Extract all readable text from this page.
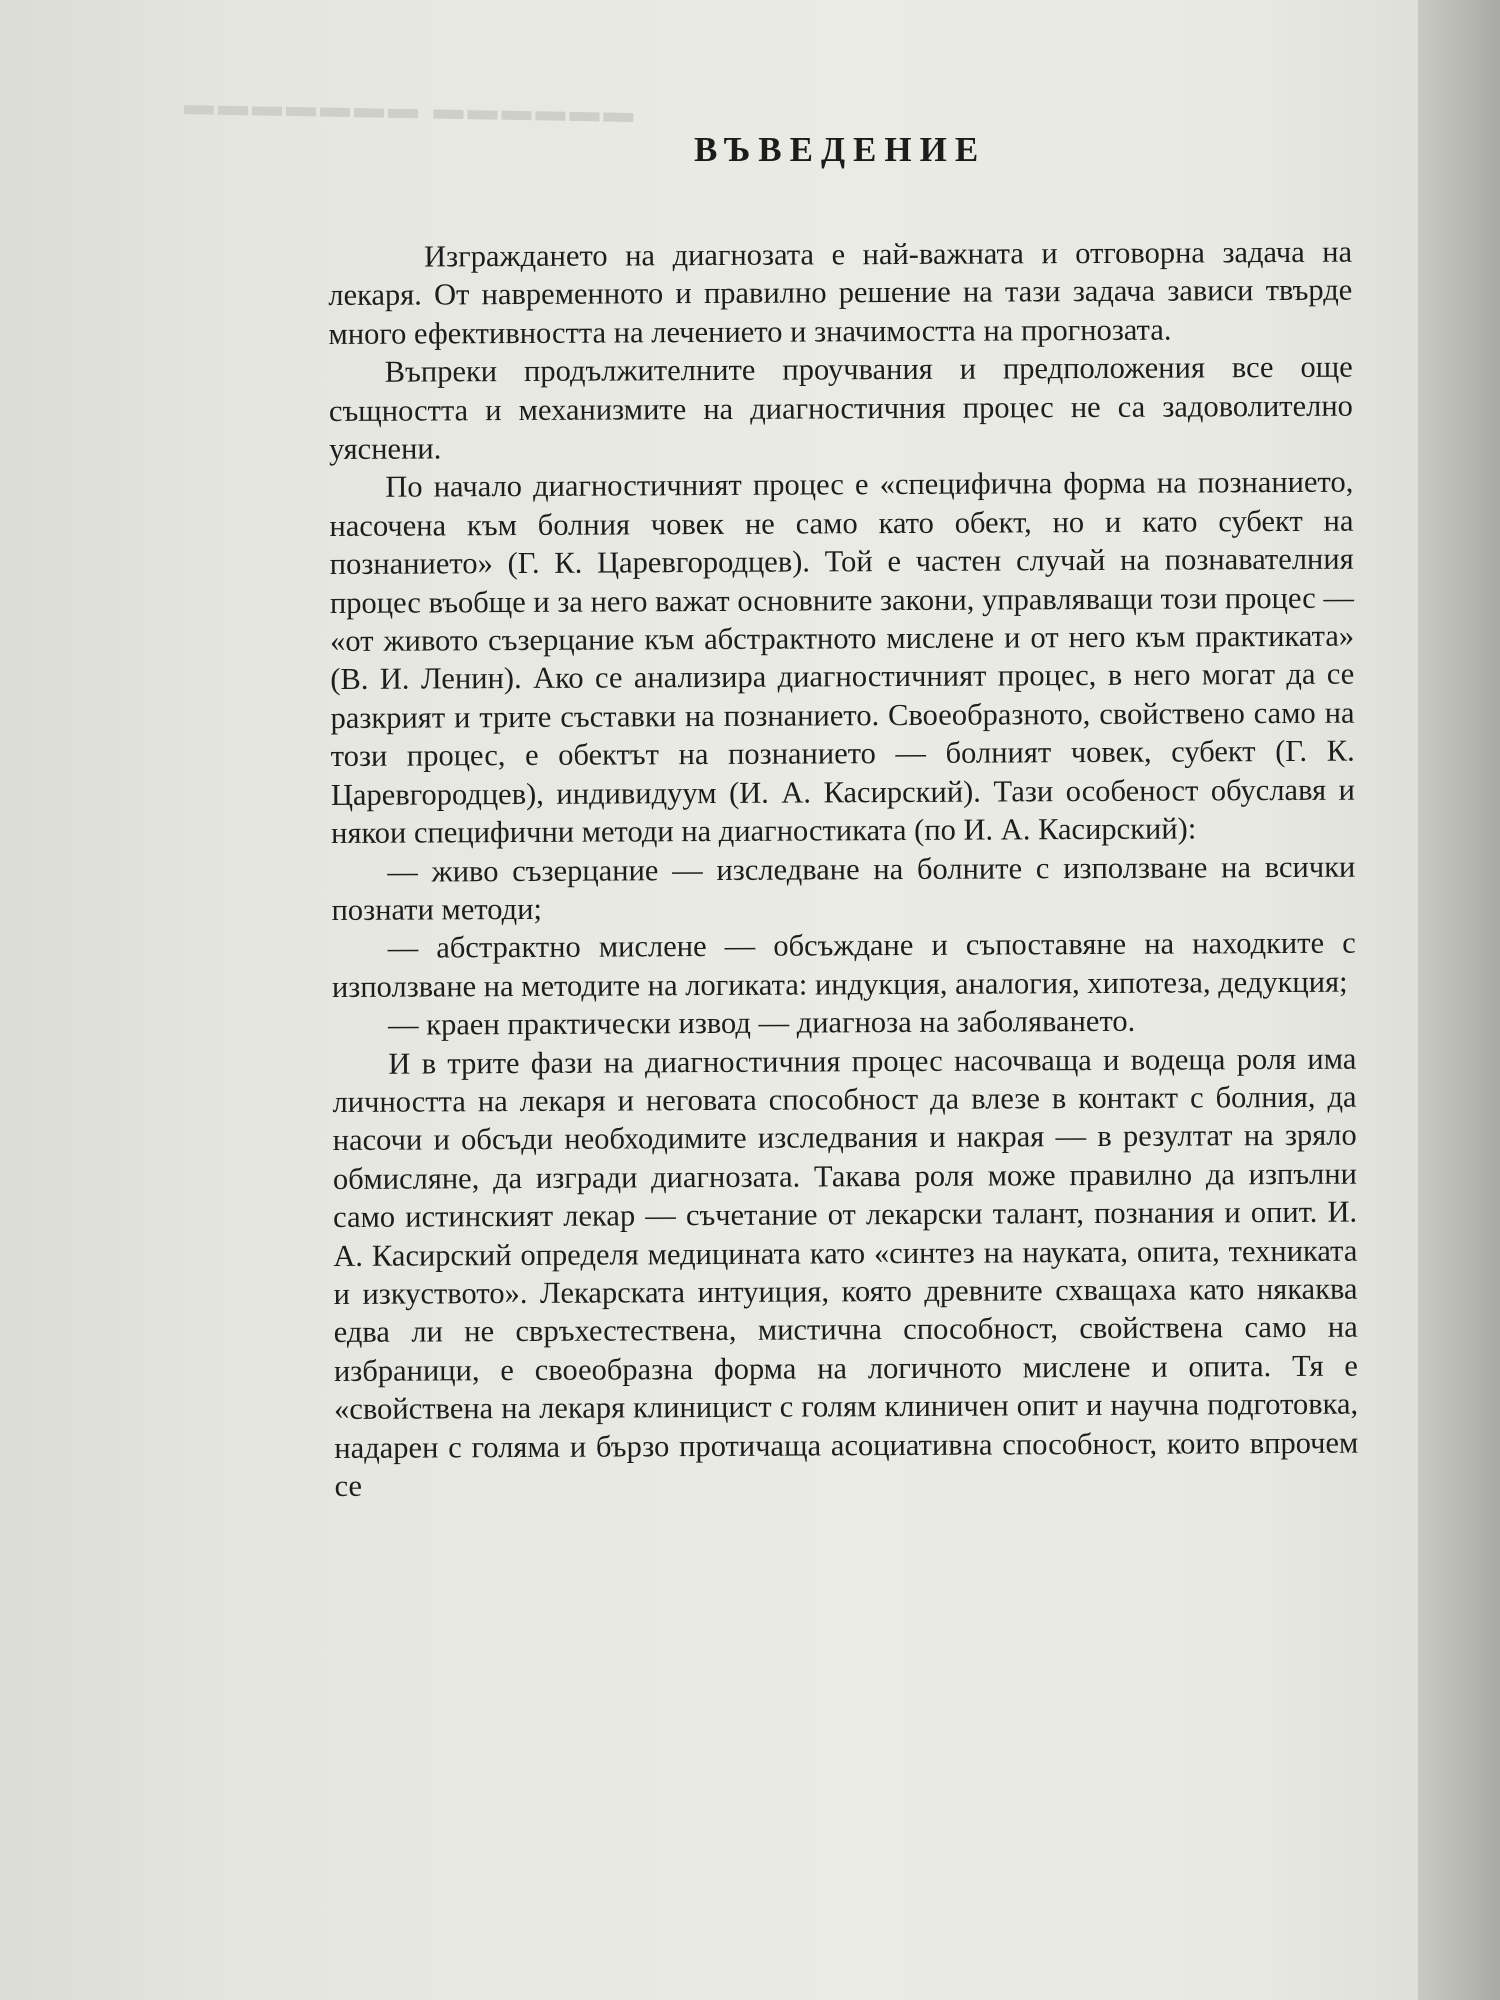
▬▬▬▬▬▬ ▬▬▬▬▬▬▬
ВЪВЕДЕНИЕ

Изграждането на диагнозата е най-важната и отговорна задача на лекаря. От навременното и правилно решение на тази задача зависи твърде много ефективността на лечението и значимостта на прогнозата.

Въпреки продължителните проучвания и предположения все още същността и механизмите на диагностичния процес не са задоволително уяснени.

По начало диагностичният процес е «специфична форма на познанието, насочена към болния човек не само като обект, но и като субект на познанието» (Г. К. Царевгородцев). Той е частен случай на познавателния процес въобще и за него важат основните закони, управляващи този процес — «от живото съзерцание към абстрактното мислене и от него към практиката» (В. И. Ленин). Ако се анализира диагностичният процес, в него могат да се разкрият и трите съставки на познанието. Своеобразното, свойствено само на този процес, е обектът на познанието — болният човек, субект (Г. К. Царевгородцев), индивидуум (И. А. Касирский). Тази особеност обуславя и някои специфични методи на диагностиката (по И. А. Касирский):

— живо съзерцание — изследване на болните с използване на всички познати методи;

— абстрактно мислене — обсъждане и съпоставяне на находките с използване на методите на логиката: индукция, аналогия, хипотеза, дедукция;

— краен практически извод — диагноза на заболяването.

И в трите фази на диагностичния процес насочваща и водеща роля има личността на лекаря и неговата способност да влезе в контакт с болния, да насочи и обсъди необходимите изследвания и накрая — в резултат на зряло обмисляне, да изгради диагнозата. Такава роля може правилно да изпълни само истинският лекар — съчетание от лекарски талант, познания и опит. И. А. Касирский определя медицината като «синтез на науката, опита, техниката и изкуството». Лекарската интуиция, която древните схващаха като някаква едва ли не свръхестествена, мистична способност, свойствена само на избраници, е своеобразна форма на логичното мислене и опита. Тя е «свойствена на лекаря клиницист с голям клиничен опит и научна подготовка, надарен с голяма и бързо протичаща асоциативна способност, които впрочем се
